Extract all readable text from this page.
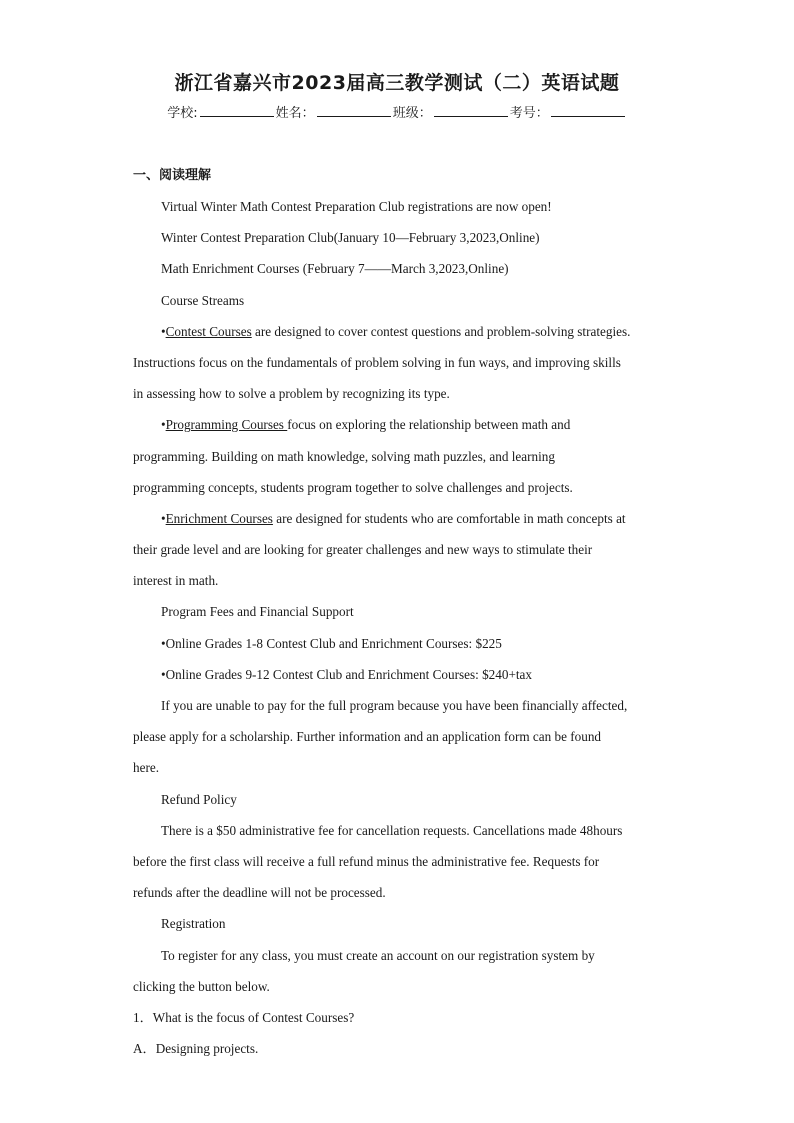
浙江省嘉兴市2023届高三教学测试（二）英语试题
学校:	姓名：	班级：	考号：
一、阅读理解
Virtual Winter Math Contest Preparation Club registrations are now open!
Winter Contest Preparation Club(January 10—February 3,2023,Online)
Math Enrichment Courses (February 7——March 3,2023,Online)
Course Streams
•Contest Courses are designed to cover contest questions and problem-solving strategies.
Instructions focus on the fundamentals of problem solving in fun ways, and improving skills
in assessing how to solve a problem by recognizing its type.
•Programming Courses focus on exploring the relationship between math and
programming. Building on math knowledge, solving math puzzles, and learning
programming concepts, students program together to solve challenges and projects.
•Enrichment Courses are designed for students who are comfortable in math concepts at
their grade level and are looking for greater challenges and new ways to stimulate their
interest in math.
Program Fees and Financial Support
•Online Grades 1-8 Contest Club and Enrichment Courses: $225
•Online Grades 9-12 Contest Club and Enrichment Courses: $240+tax
If you are unable to pay for the full program because you have been financially affected,
please apply for a scholarship. Further information and an application form can be found
here.
Refund Policy
There is a $50 administrative fee for cancellation requests. Cancellations made 48hours
before the first class will receive a full refund minus the administrative fee. Requests for
refunds after the deadline will not be processed.
Registration
To register for any class, you must create an account on our registration system by
clicking the button below.
1．What is the focus of Contest Courses?
A．Designing projects.
